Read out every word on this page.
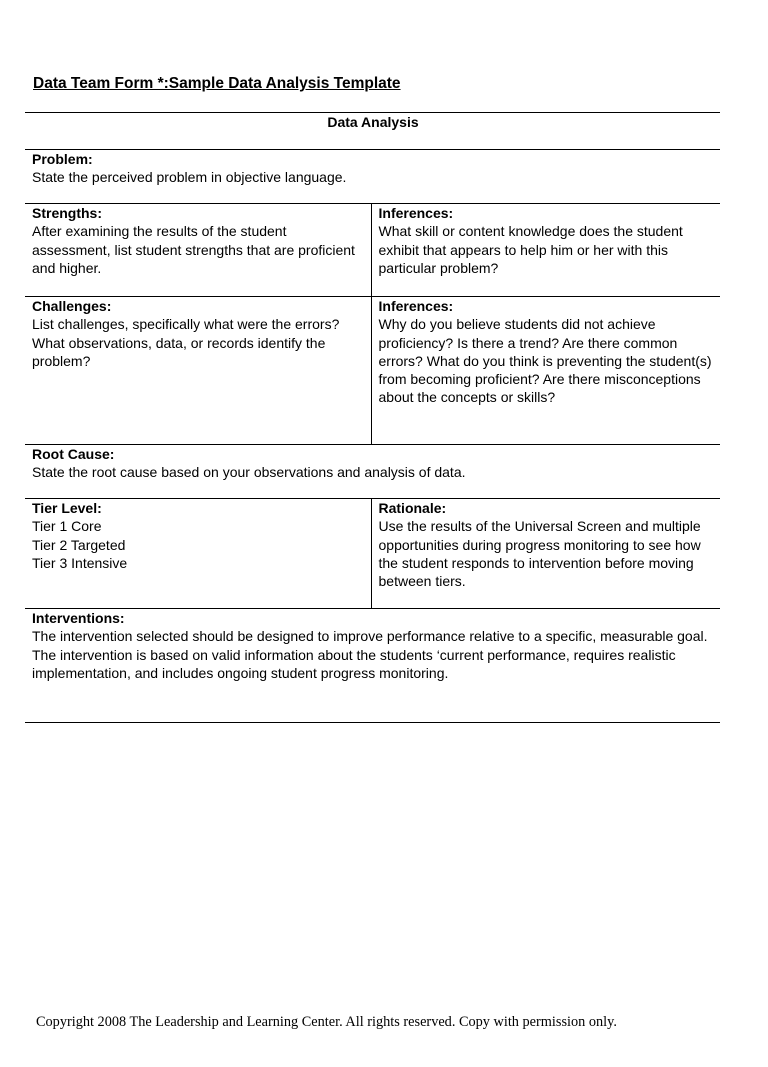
Data Team Form *:Sample Data Analysis Template
Data Analysis	

Problem:
State the perceived problem in objective language.	

Strengths:
After examining the results of the student assessment, list student strengths that are proficient and higher.	Inferences:
What skill or content knowledge does the student exhibit that appears to help him or her with this particular problem?

Challenges:
List challenges, specifically what were the errors? What observations, data, or records identify the problem?	Inferences:
Why do you believe students did not achieve proficiency? Is there a trend? Are there common errors? What do you think is preventing the student(s) from becoming proficient? Are there misconceptions about the concepts or skills?

Root Cause:
State the root cause based on your observations and analysis of data.	

Tier Level:
Tier 1 Core
Tier 2 Targeted
Tier 3 Intensive	Rationale:
Use the results of the Universal Screen and multiple opportunities during progress monitoring to see how the student responds to intervention before moving between tiers.

Interventions:
The intervention selected should be designed to improve performance relative to a specific, measurable goal. The intervention is based on valid information about the students ‘current performance, requires realistic implementation, and includes ongoing student progress monitoring.	
Copyright 2008 The Leadership and Learning Center. All rights reserved. Copy with permission only.
